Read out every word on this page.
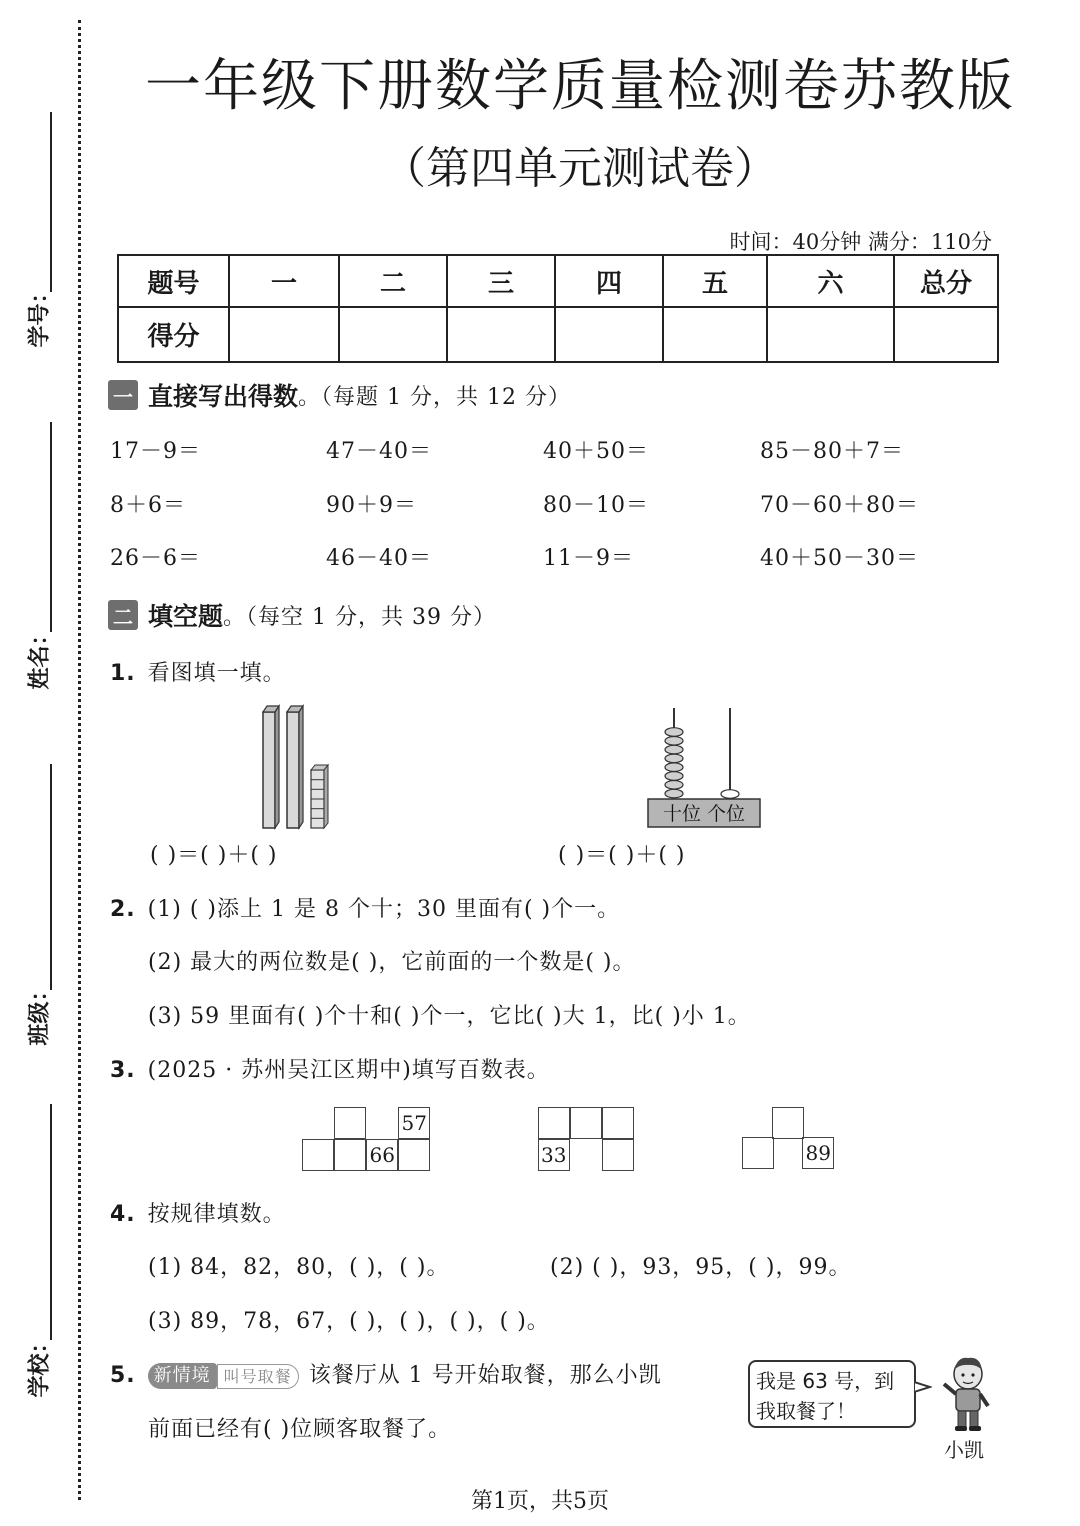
学号：
姓名：
班级：
学校：
一年级下册数学质量检测卷苏教版
（第四单元测试卷）
时间：40分钟 满分：110分
题号	一	二	三	四	五	六	总分
得分							
一 直接写出得数 。（每题 1 分，共 12 分）
17－9＝	47－40＝	40＋50＝	85－80＋7＝
8＋6＝	90＋9＝	80－10＝	70－60＋80＝
26－6＝	46－40＝	11－9＝	40＋50－30＝
二 填空题 。（每空 1 分，共 39 分）
1. 看图填一填。
十位 个位
( )＝( )＋( )	( )＝( )＋( )
2. (1) ( )添上 1 是 8 个十；30 里面有( )个一。
(2) 最大的两位数是( )，它前面的一个数是( )。
(3) 59 里面有( )个十和( )个一，它比( )大 1，比( )小 1。
3. (2025 · 苏州吴江区期中)填写百数表。
57
66	33	89
4. 按规律填数。
(1) 84，82，80，( )，( )。	(2) ( )，93，95，( )，99。
(3) 89，78，67，( )，( )，( )，( )。
5. 新情境 叫号取餐 该餐厅从 1 号开始取餐，那么小凯
前面已经有( )位顾客取餐了。
我是 63 号，到我取餐了！
小凯
第1页，共5页
